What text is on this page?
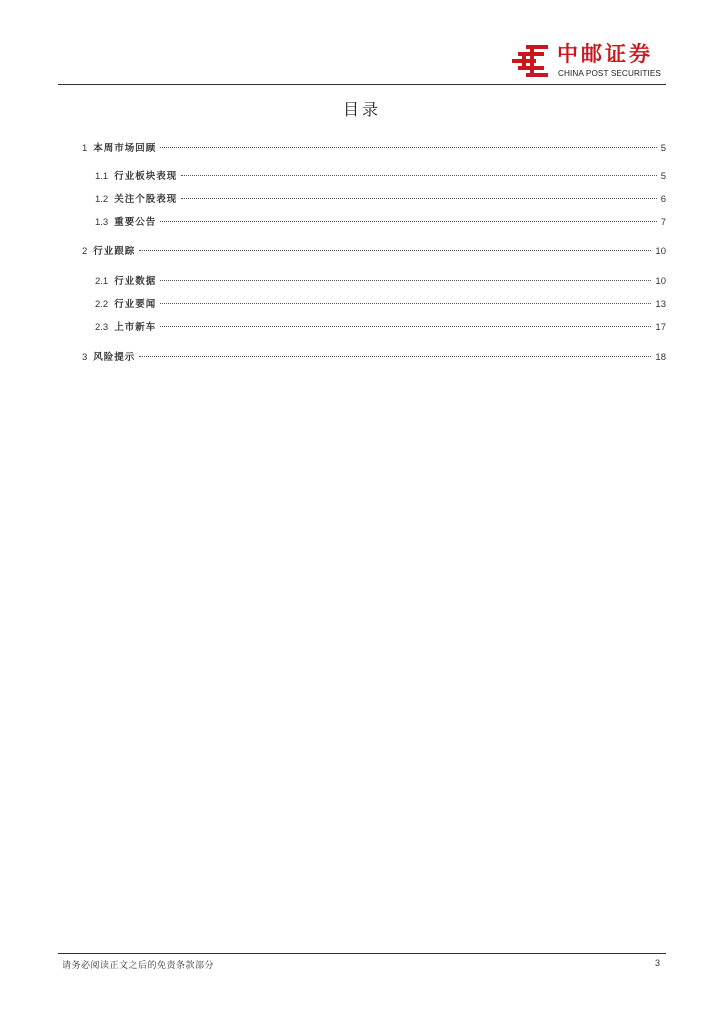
中邮证券
CHINA POST SECURITIES
目录
1 本周市场回顾	5
1.1 行业板块表现	5
1.2 关注个股表现	6
1.3 重要公告	7
2 行业跟踪	10
2.1 行业数据	10
2.2 行业要闻	13
2.3 上市新车	17
3 风险提示	18
请务必阅读正文之后的免责条款部分	3
